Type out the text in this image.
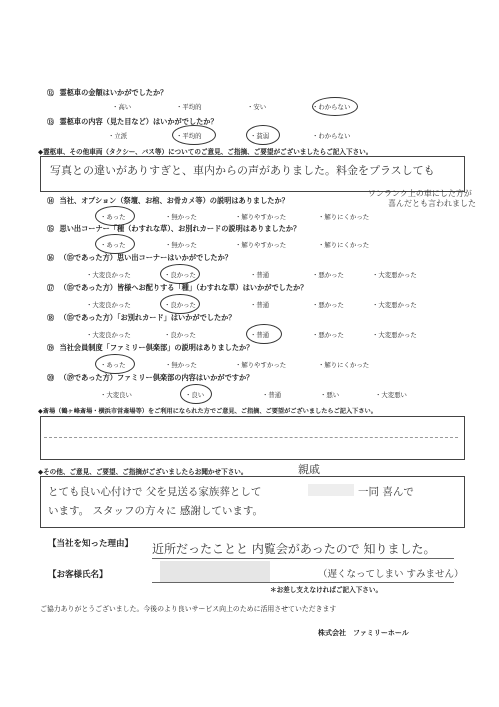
⑫ 霊柩車の金額はいかがでしたか？
・高い	・平均的	・安い	・わからない
⑬ 霊柩車の内容（見た目など）はいかがでしたか？
・立派	・平均的	・貧弱	・わからない
◆霊柩車、その他車両（タクシー、バス等）についてのご意見、ご指摘、ご要望がございましたらご記入下さい。
写真との違いがありすぎと、車内からの声がありました。料金をプラスしても
ワンランク上の車にした方が
喜んだとも言われました
⑭ 当社、オプション（祭壇、お棺、お骨カメ等）の説明はありましたか？
・あった	・無かった	・解りやすかった	・解りにくかった
⑮ 思い出コーナー「種（わすれな草）、お別れカードの説明はありましたか？
・あった	・無かった	・解りやすかった	・解りにくかった
⑯ （⑮であった方）思い出コーナーはいかがでしたか？
・大変良かった	・良かった	・普通	・悪かった	・大変悪かった
⑰ （⑮であった方）皆様へお配りする「種」（わすれな草）はいかがでしたか？
・大変良かった	・良かった	・普通	・悪かった	・大変悪かった
⑱ （⑮であった方）「お別れカード」はいかがでしたか？
・大変良かった	・良かった	・普通	・悪かった	・大変悪かった
⑲ 当社会員制度「ファミリー倶楽部」の説明はありましたか？
・あった	・無かった	・解りやすかった	・解りにくかった
⑳ （⑲であった方）ファミリー倶楽部の内容はいかがですか？
・大変良い	・良い	・普通	・悪い	・大変悪い
◆斎場（鶴ヶ峰斎場・横浜市営斎場等）をご利用になられた方でご意見、ご指摘、ご要望がございましたらご記入下さい。
◆その他、ご意見、ご要望、ご指摘がございましたらお聞かせ下さい。	親戚
とても良い心付けで 父を見送る家族葬として	一同 喜んで
います。 スタッフの方々に 感謝しています。
【当社を知った理由】 近所だったことと 内覧会があったので 知りました。
【お客様氏名】	（遅くなってしまい すみません）
＊お差し支えなければご記入下さい。
ご協力ありがとうございました。今後のより良いサービス向上のために活用させていただきます
株式会社　ファミリーホール
